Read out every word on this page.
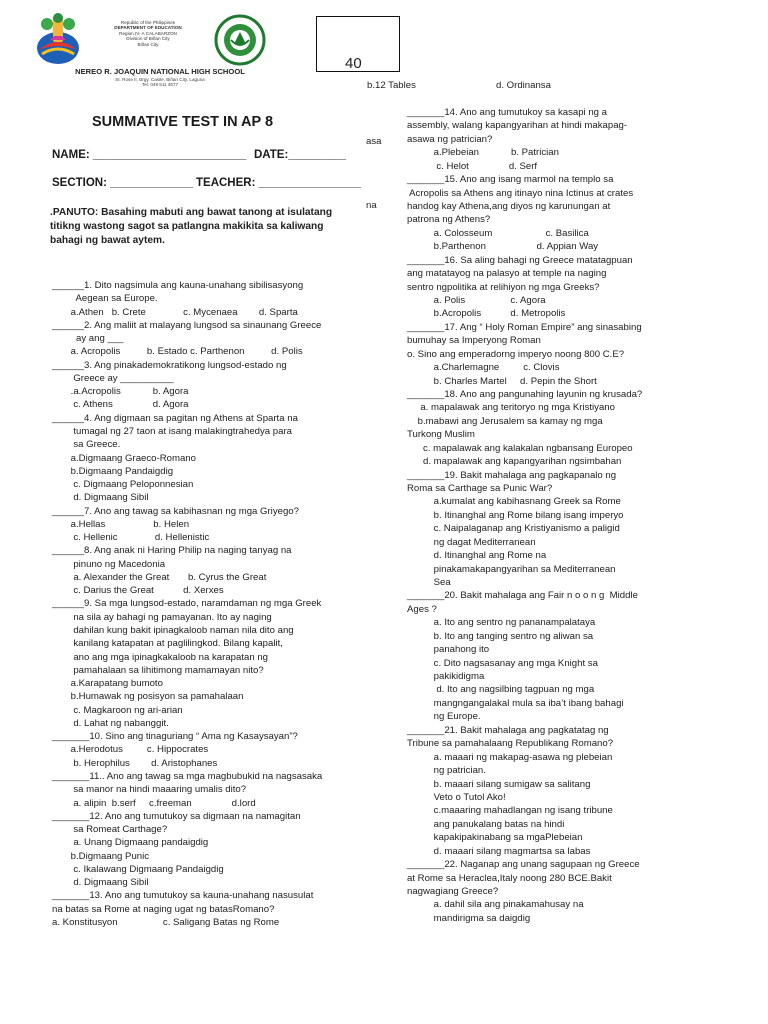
Republic of the Philippines
DEPARTMENT OF EDUCATION
Region IV- A CALABARZON
Division of Biñan City
Biñan City
NEREO R. JOAQUIN NATIONAL HIGH SCHOOL
St. Rose II, Brgy. Casile, Biñan City, Laguna
Tel. 049 511 4577
40
SUMMATIVE TEST IN AP 8
NAME: ________________________ DATE:_________
SECTION: _____________ TEACHER: ________________
.PANUTO: Basahing mabuti ang bawat tanong at isulatang
titikng wastong sagot sa patlangna makikita sa kaliwang
bahagi ng bawat aytem.
b.12 Tables	d. Ordinansa
asa
na
______1. Dito nagsimula ang kauna-unahang sibilisasyong
Aegean sa Europe.
a.Athen   b. Crete              c. Mycenaea        d. Sparta
______2. Ang maliit at malayang lungsod sa sinaunang Greece
ay ang ___
a. Acropolis          b. Estado c. Parthenon          d. Polis
______3. Ang pinakademokratikong lungsod-estado ng
Greece ay __________
.a.Acropolis            b. Agora
c. Athens               d. Agora
______4. Ang digmaan sa pagitan ng Athens at Sparta na
tumagal ng 27 taon at isang malakingtrahedya para
sa Greece.
a.Digmaang Graeco-Romano
b.Digmaang Pandaigdig
c. Digmaang Peloponnesian
d. Digmaang Sibil
______7. Ano ang tawag sa kabihasnan ng mga Griyego?
a.Hellas                  b. Helen
c. Hellenic              d. Hellenistic
______8. Ang anak ni Haring Philip na naging tanyag na
pinuno ng Macedonia
a. Alexander the Great       b. Cyrus the Great
c. Darius the Great           d. Xerxes
______9. Sa mga lungsod-estado, naramdaman ng mga Greek
na sila ay bahagi ng pamayanan. Ito ay naging
dahilan kung bakit ipinagkaloob naman nila dito ang
kanilang katapatan at paglilingkod. Bilang kapalit,
ano ang mga ipinagkakaloob na karapatan ng
pamahalaan sa lihitimong mamamayan nito?
a.Karapatang bumoto
b.Humawak ng posisyon sa pamahalaan
c. Magkaroon ng ari-arian
d. Lahat ng nabanggit.
_______10. Sino ang tinaguriang “ Ama ng Kasaysayan”?
a.Herodotus         c. Hippocrates
b. Herophilus        d. Aristophanes
_______11.. Ano ang tawag sa mga magbubukid na nagsasaka
sa manor na hindi maaaring umalis dito?
a. alipin  b.serf     c.freeman               d.lord
_______12. Ano ang tumutukoy sa digmaan na namagitan
sa Romeat Carthage?
a. Unang Digmaang pandaigdig
b.Digmaang Punic
c. Ikalawang Digmaang Pandaigdig
d. Digmaang Sibil
_______13. Ano ang tumutukoy sa kauna-unahang nasusulat
na batas sa Rome at naging ugat ng batasRomano?
a. Konstitusyon                 c. Saligang Batas ng Rome
_______14. Ano ang tumutukoy sa kasapi ng a
assembly, walang kapangyarihan at hindi makapag-
asawa ng patrician?
a.Plebeian            b. Patrician
c. Helot               d. Serf
_______15. Ano ang isang marmol na templo sa
Acropolis sa Athens ang itinayo nina Ictinus at crates
handog kay Athena,ang diyos ng karunungan at
patrona ng Athens?
a. Colosseum                    c. Basilica
b.Parthenon                   d. Appian Way
_______16. Sa aling bahagi ng Greece matatagpuan
ang matatayog na palasyo at temple na naging
sentro ngpolitika at relihiyon ng mga Greeks?
a. Polis                 c. Agora
b.Acropolis           d. Metropolis
_______17. Ang “ Holy Roman Empire” ang sinasabing
bumuhay sa Imperyong Roman
o. Sino ang emperadorng imperyo noong 800 C.E?
a.Charlemagne         c. Clovis
b. Charles Martel     d. Pepin the Short
_______18. Ano ang pangunahing layunin ng krusada?
a. mapalawak ang teritoryo ng mga Kristiyano
b.mabawi ang Jerusalem sa kamay ng mga
Turkong Muslim
c. mapalawak ang kalakalan ngbansang Europeo
d. mapalawak ang kapangyarihan ngsimbahan
_______19. Bakit mahalaga ang pagkapanalo ng
Roma sa Carthage sa Punic War?
a.kumalat ang kabihasnang Greek sa Rome
b. Itinanghal ang Rome bilang isang imperyo
c. Naipalaganap ang Kristiyanismo a paligid
ng dagat Mediterranean
d. Itinanghal ang Rome na
pinakamakapangyarihan sa Mediterranean
Sea
_______20. Bakit mahalaga ang Fair n o o n g  Middle
Ages ?
a. Ito ang sentro ng pananampalataya
b. Ito ang tanging sentro ng aliwan sa
panahong ito
c. Dito nagsasanay ang mga Knight sa
pakikidigma
d. Ito ang nagsilbing tagpuan ng mga
mangngangalakal mula sa iba’t ibang bahagi
ng Europe.
_______21. Bakit mahalaga ang pagkatatag ng
Tribune sa pamahalaang Republikang Romano?
a. maaari ng makapag-asawa ng plebeian
ng patrician.
b. maaari silang sumigaw sa salitang
Veto o Tutol Ako!
c.maaaring mahadlangan ng isang tribune
ang panukalang batas na hindi
kapakipakinabang sa mgaPlebeian
d. maaari silang magmartsa sa labas
_______22. Naganap ang unang sagupaan ng Greece
at Rome sa Heraclea,Italy noong 280 BCE.Bakit
nagwagiang Greece?
a. dahil sila ang pinakamahusay na
mandirigma sa daigdig
